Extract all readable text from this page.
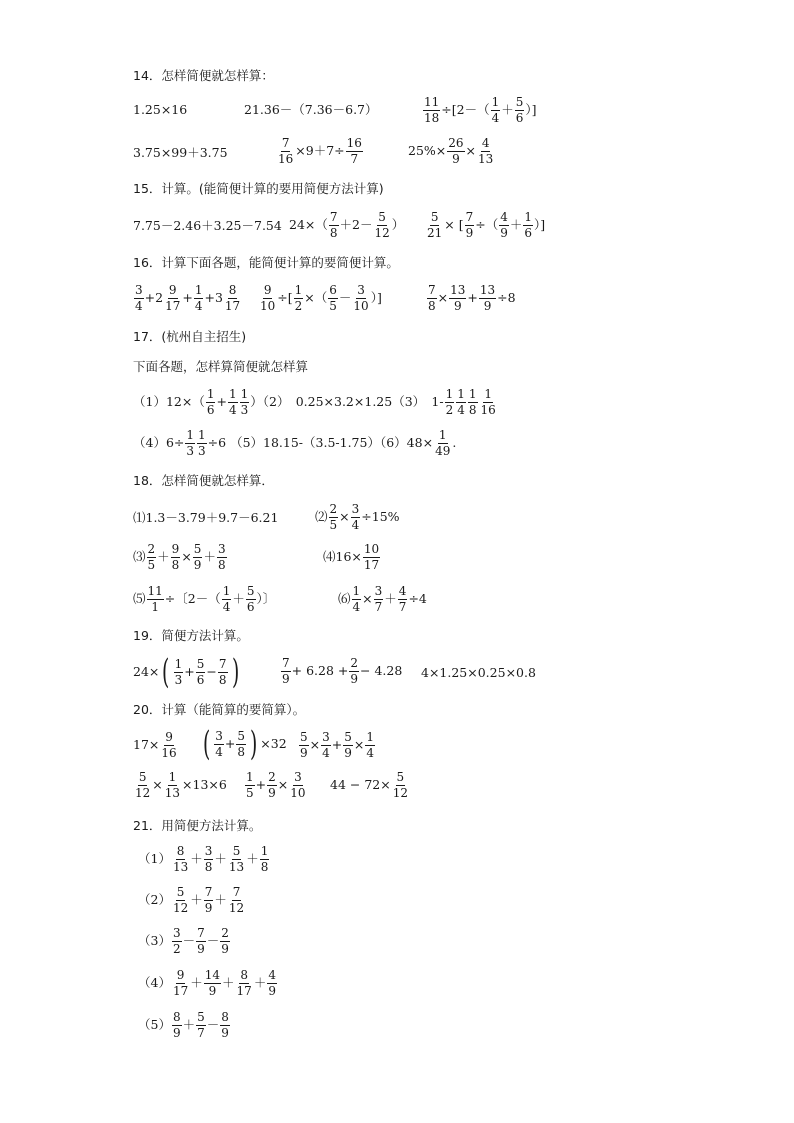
14．怎样简便就怎样算：
1.25×16	21.36－（7.36－6.7）	$\frac{11}{18} \div[2-( \frac{1}{4} + \frac{5}{6}$ ）]
3.75×99＋3.75	$\frac{7}{16} \times 9+7\div \frac{16}{7}$	$25\%\times \frac{26}{9} \times \frac{4}{13}$
15．计算。(能简便计算的要用简便方法计算)
7.75－2.46＋3.25－7.54 $24\times( \frac{7}{8} +2- \frac{5}{12}$ ） $\frac{5}{21}$ × [ $\frac{7}{9}$ ÷（ $\frac{4}{9} + \frac{1}{6}$ ）]
16．计算下面各题，能简便计算的要简便计算。
$\frac{3}{4} +2 \frac{9}{17} + \frac{1}{4} +3 \frac{8}{17} \frac{9}{10}$ ÷[ $\frac{1}{2}$ ×（ $\frac{6}{5} - \frac{3}{10}$ ）]	$\frac{7}{8} \times \frac{13}{9} + \frac{13}{9} \div 8$
17．(杭州自主招生)
下面各题，怎样算简便就怎样算
$(1)12\times( \frac{1}{6} + \frac{1}{4} \frac{1}{3} )(2)$　0.25×3.2×1.25（3）　$1- \frac{1}{2} \frac{1}{4} \frac{1}{8} \frac{1}{16}$
$(4)6\div \frac{1}{3} \frac{1}{3} \div 6$ $(5)18.15-(3.5-1.75)(6)48\times \frac{1}{49}$ .
18．怎样简便就怎样算．
⑴1.3－3.79＋9.7－6.21	⑵ $\frac{2}{5} \times \frac{3}{4} \div 15\%$
⑶ $\frac{2}{5} + \frac{9}{8} \times \frac{5}{9} + \frac{3}{8}$	⑷16× $\frac{10}{17}$
⑸ $\frac{11}{1}$ ÷〔$2-( \frac{1}{4} + \frac{5}{6}$ ）〕	⑹ $\frac{1}{4} \times \frac{3}{7} + \frac{4}{7} \div 4$
19．简便方法计算。
24× ( $\frac{1}{3} + \frac{5}{6} - \frac{7}{8}$ )	$\frac{7}{9} + 6.28 + \frac{2}{9} - 4.28$ 4×1.25×0.25×0.8
20．计算（能简算的要简算）。
$17\times \frac{9}{16}$ ( $\frac{3}{4} + \frac{5}{8}$ ) $\times 32 \frac{5}{9} \times \frac{3}{4} + \frac{5}{9} \times \frac{1}{4}$
$\frac{5}{12} \times \frac{1}{13} \times 13\times 6 \frac{1}{5} + \frac{2}{9} \times \frac{3}{10} 44 - 72\times \frac{5}{12}$
21．用简便方法计算。
$(1) \frac{8}{13} + \frac{3}{8} + \frac{5}{13} + \frac{1}{8}$
$(2) \frac{5}{12} + \frac{7}{9} + \frac{7}{12}$
$(3) \frac{3}{2} - \frac{7}{9} - \frac{2}{9}$
$(4) \frac{9}{17} + \frac{14}{9} + \frac{8}{17} + \frac{4}{9}$
$(5) \frac{8}{9} + \frac{5}{7} - \frac{8}{9}$
